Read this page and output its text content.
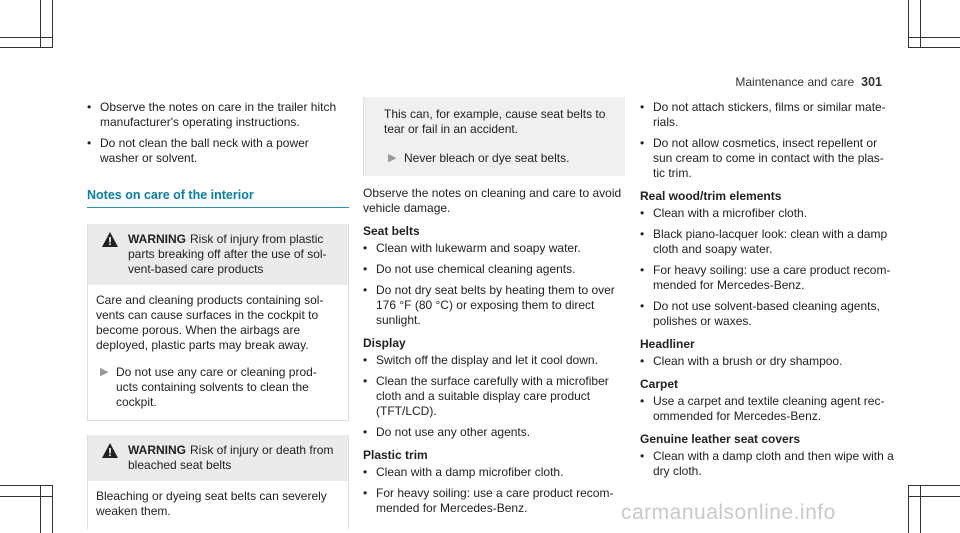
Maintenance and care 301
• Observe the notes on care in the trailer hitch manufacturer's operating instructions.
• Do not clean the ball neck with a power washer or solvent.
Notes on care of the interior
WARNING Risk of injury from plastic parts breaking off after the use of sol-vent-based care products
Care and cleaning products containing sol-vents can cause surfaces in the cockpit to become porous. When the airbags are deployed, plastic parts may break away.
▶ Do not use any care or cleaning prod-ucts containing solvents to clean the cockpit.
WARNING Risk of injury or death from bleached seat belts
Bleaching or dyeing seat belts can severely weaken them.
This can, for example, cause seat belts to tear or fail in an accident.
▶ Never bleach or dye seat belts.
Observe the notes on cleaning and care to avoid vehicle damage.
Seat belts
• Clean with lukewarm and soapy water.
• Do not use chemical cleaning agents.
• Do not dry seat belts by heating them to over 176 °F (80 °C) or exposing them to direct sunlight.
Display
• Switch off the display and let it cool down.
• Clean the surface carefully with a microfiber cloth and a suitable display care product (TFT/LCD).
• Do not use any other agents.
Plastic trim
• Clean with a damp microfiber cloth.
• For heavy soiling: use a care product recom-mended for Mercedes-Benz.
• Do not attach stickers, films or similar mate-rials.
• Do not allow cosmetics, insect repellent or sun cream to come in contact with the plas-tic trim.
Real wood/trim elements
• Clean with a microfiber cloth.
• Black piano-lacquer look: clean with a damp cloth and soapy water.
• For heavy soiling: use a care product recom-mended for Mercedes-Benz.
• Do not use solvent-based cleaning agents, polishes or waxes.
Headliner
• Clean with a brush or dry shampoo.
Carpet
• Use a carpet and textile cleaning agent rec-ommended for Mercedes-Benz.
Genuine leather seat covers
• Clean with a damp cloth and then wipe with a dry cloth.
carmanualsonline.info
